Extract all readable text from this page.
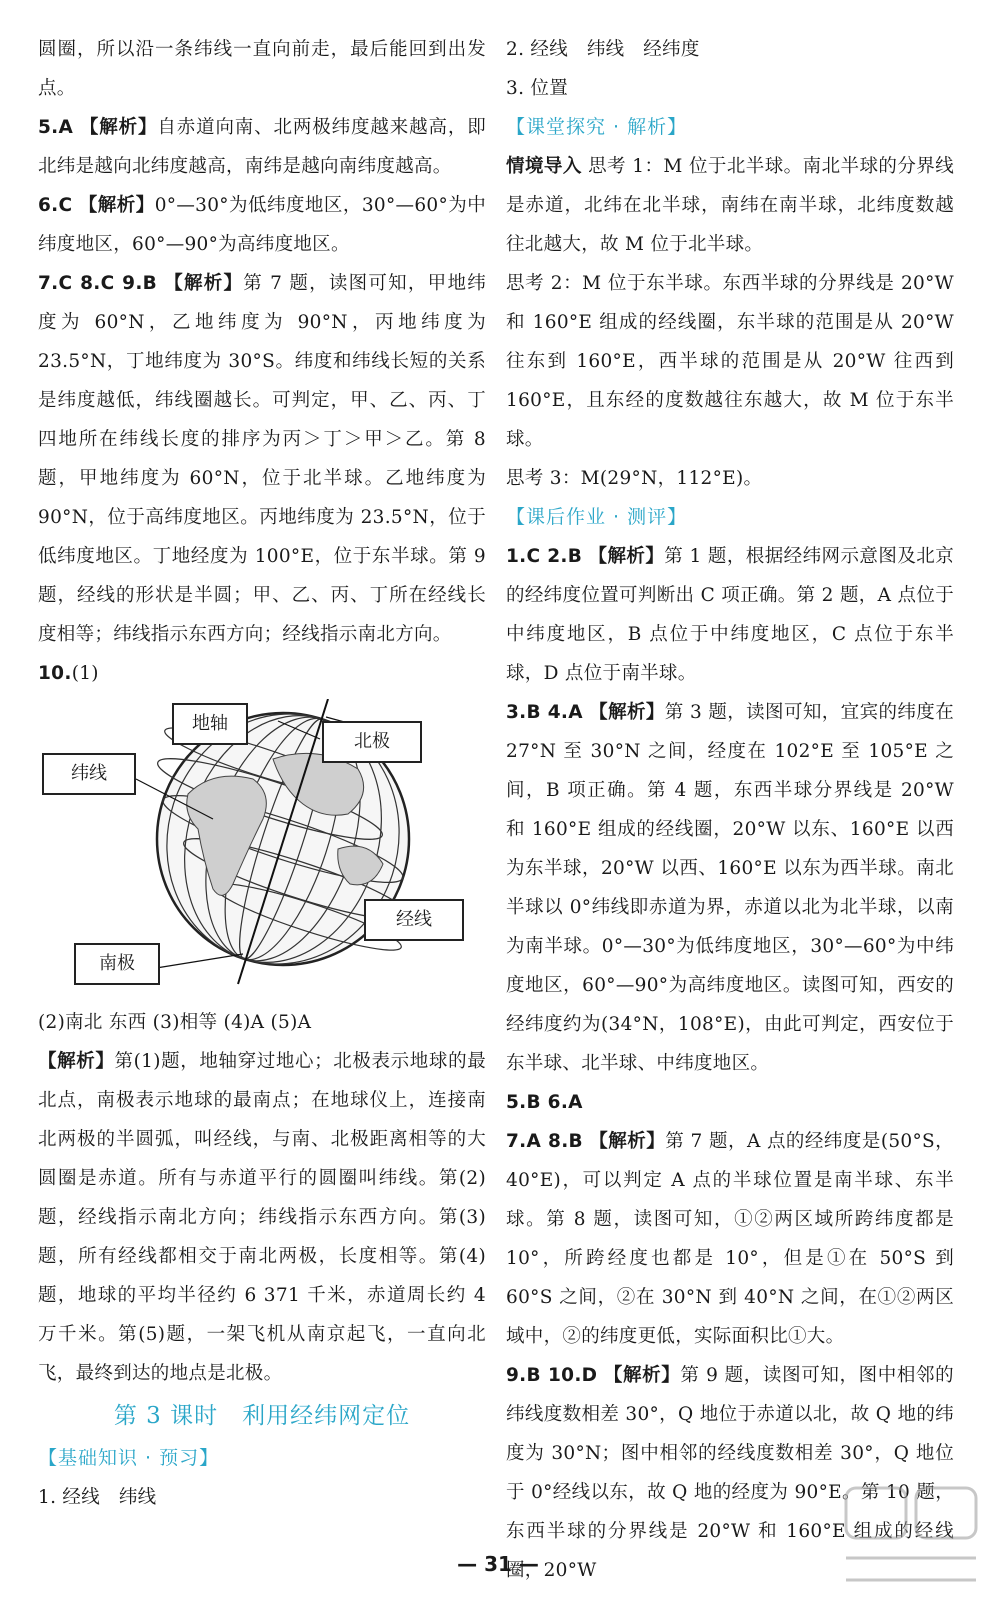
圆圈，所以沿一条纬线一直向前走，最后能回到出发点。

5.A 【解析】自赤道向南、北两极纬度越来越高，即北纬是越向北纬度越高，南纬是越向南纬度越高。

6.C 【解析】0°—30°为低纬度地区，30°—60°为中纬度地区，60°—90°为高纬度地区。

7.C 8.C 9.B 【解析】第 7 题，读图可知，甲地纬度为 60°N，乙地纬度为 90°N，丙地纬度为 23.5°N，丁地纬度为 30°S。纬度和纬线长短的关系是纬度越低，纬线圈越长。可判定，甲、乙、丙、丁四地所在纬线长度的排序为丙＞丁＞甲＞乙。第 8 题，甲地纬度为 60°N，位于北半球。乙地纬度为 90°N，位于高纬度地区。丙地纬度为 23.5°N，位于低纬度地区。丁地经度为 100°E，位于东半球。第 9 题，经线的形状是半圆；甲、乙、丙、丁所在经线长度相等；纬线指示东西方向；经线指示南北方向。

10.(1)

地轴
北极
纬线
经线
南极

(2)南北 东西 (3)相等 (4)A (5)A

【解析】第(1)题，地轴穿过地心；北极表示地球的最北点，南极表示地球的最南点；在地球仪上，连接南北两极的半圆弧，叫经线，与南、北极距离相等的大圆圈是赤道。所有与赤道平行的圆圈叫纬线。第(2)题，经线指示南北方向；纬线指示东西方向。第(3)题，所有经线都相交于南北两极，长度相等。第(4)题，地球的平均半径约 6 371 千米，赤道周长约 4 万千米。第(5)题，一架飞机从南京起飞，一直向北飞，最终到达的地点是北极。

第 3 课时　利用经纬网定位
【基础知识 · 预习】

1. 经线　纬线

2. 经线　纬线　经纬度

3. 位置

【课堂探究 · 解析】

情境导入 思考 1：M 位于北半球。南北半球的分界线是赤道，北纬在北半球，南纬在南半球，北纬度数越往北越大，故 M 位于北半球。

思考 2：M 位于东半球。东西半球的分界线是 20°W 和 160°E 组成的经线圈，东半球的范围是从 20°W 往东到 160°E，西半球的范围是从 20°W 往西到 160°E，且东经的度数越往东越大，故 M 位于东半球。

思考 3：M(29°N，112°E)。

【课后作业 · 测评】

1.C 2.B 【解析】第 1 题，根据经纬网示意图及北京的经纬度位置可判断出 C 项正确。第 2 题，A 点位于中纬度地区，B 点位于中纬度地区，C 点位于东半球，D 点位于南半球。

3.B 4.A 【解析】第 3 题，读图可知，宜宾的纬度在 27°N 至 30°N 之间，经度在 102°E 至 105°E 之间，B 项正确。第 4 题，东西半球分界线是 20°W 和 160°E 组成的经线圈，20°W 以东、160°E 以西为东半球，20°W 以西、160°E 以东为西半球。南北半球以 0°纬线即赤道为界，赤道以北为北半球，以南为南半球。0°—30°为低纬度地区，30°—60°为中纬度地区，60°—90°为高纬度地区。读图可知，西安的经纬度约为(34°N，108°E)，由此可判定，西安位于东半球、北半球、中纬度地区。

5.B 6.A

7.A 8.B 【解析】第 7 题，A 点的经纬度是(50°S，40°E)，可以判定 A 点的半球位置是南半球、东半球。第 8 题，读图可知，①②两区域所跨纬度都是 10°，所跨经度也都是 10°，但是①在 50°S 到 60°S 之间，②在 30°N 到 40°N 之间，在①②两区域中，②的纬度更低，实际面积比①大。

9.B 10.D 【解析】第 9 题，读图可知，图中相邻的纬线度数相差 30°，Q 地位于赤道以北，故 Q 地的纬度为 30°N；图中相邻的经线度数相差 30°，Q 地位于 0°经线以东，故 Q 地的经度为 90°E。第 10 题，东西半球的分界线是 20°W 和 160°E 组成的经线圈，20°W

— 31 —
